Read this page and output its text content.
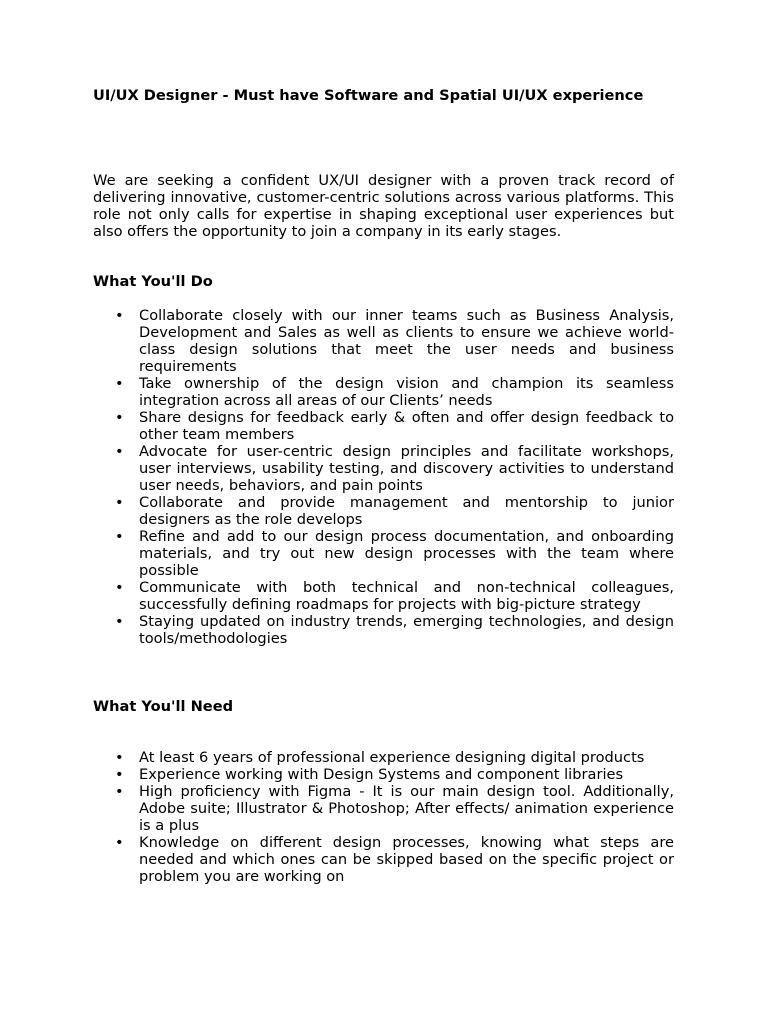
UI/UX Designer - Must have Software and Spatial UI/UX experience

We are seeking a confident UX/UI designer with a proven track record of delivering innovative, customer-centric solutions across various platforms. This role not only calls for expertise in shaping exceptional user experiences but also offers the opportunity to join a company in its early stages.

What You'll Do

• Collaborate closely with our inner teams such as Business Analysis, Development and Sales as well as clients to ensure we achieve world-class design solutions that meet the user needs and business requirements
• Take ownership of the design vision and champion its seamless integration across all areas of our Clients’ needs
• Share designs for feedback early & often and offer design feedback to other team members
• Advocate for user-centric design principles and facilitate workshops, user interviews, usability testing, and discovery activities to understand user needs, behaviors, and pain points
• Collaborate and provide management and mentorship to junior designers as the role develops
• Refine and add to our design process documentation, and onboarding materials, and try out new design processes with the team where possible
• Communicate with both technical and non-technical colleagues, successfully defining roadmaps for projects with big-picture strategy
• Staying updated on industry trends, emerging technologies, and design tools/methodologies

What You'll Need

• At least 6 years of professional experience designing digital products
• Experience working with Design Systems and component libraries
• High proficiency with Figma - It is our main design tool. Additionally, Adobe suite; Illustrator & Photoshop; After effects/ animation experience is a plus
• Knowledge on different design processes, knowing what steps are needed and which ones can be skipped based on the specific project or problem you are working on
